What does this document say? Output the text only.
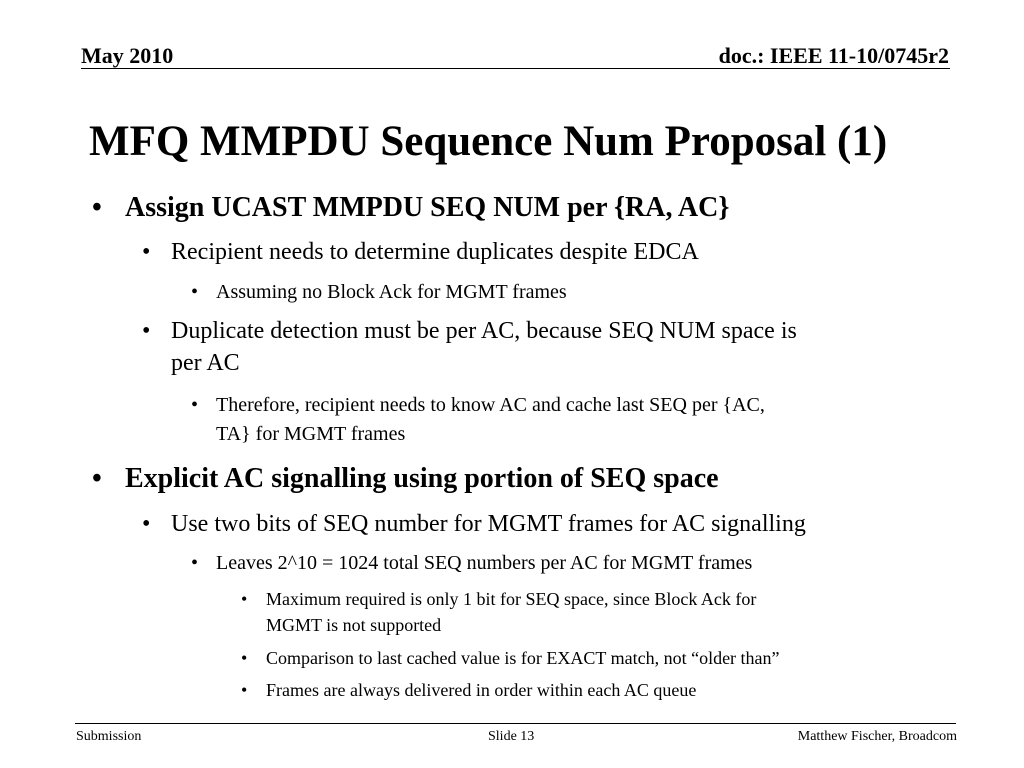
May 2010	doc.: IEEE 11-10/0745r2
MFQ MMPDU Sequence Num Proposal (1)
• Assign UCAST MMPDU SEQ NUM per {RA, AC}
• Recipient needs to determine duplicates despite EDCA
• Assuming no Block Ack for MGMT frames
• Duplicate detection must be per AC, because SEQ NUM space is
per AC
• Therefore, recipient needs to know AC and cache last SEQ per {AC,
TA} for MGMT frames
• Explicit AC signalling using portion of SEQ space
• Use two bits of SEQ number for MGMT frames for AC signalling
• Leaves 2^10 = 1024 total SEQ numbers per AC for MGMT frames
• Maximum required is only 1 bit for SEQ space, since Block Ack for
MGMT is not supported
• Comparison to last cached value is for EXACT match, not “older than”
• Frames are always delivered in order within each AC queue
Submission	Slide 13	Matthew Fischer, Broadcom
